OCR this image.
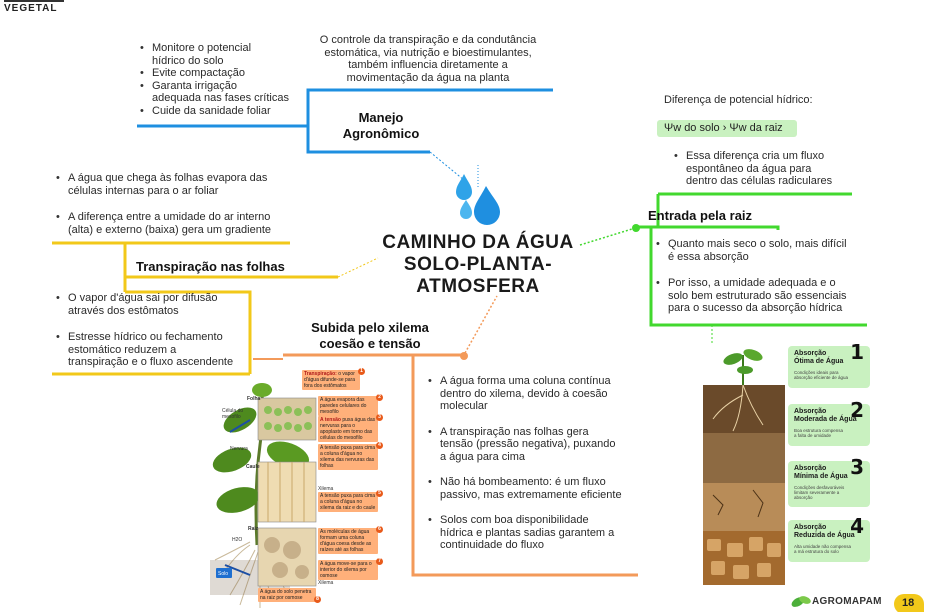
VEGETAL
CAMINHO DA ÁGUA
SOLO-PLANTA-
ATMOSFERA
• Monitore o potencial
hídrico do solo
• Evite compactação
• Garanta irrigação
adequada nas fases críticas
• Cuide da sanidade foliar
O controle da transpiração e da condutância
estomática, via nutrição e bioestimulantes,
também influencia diretamente a
movimentação da água na planta
Manejo
Agronômico
• A água que chega às folhas evapora das
células internas para o ar foliar
• A diferença entre a umidade do ar interno
(alta) e externo (baixa) gera um gradiente
Transpiração nas folhas
• O vapor d'água sai por difusão
através dos estômatos
• Estresse hídrico ou fechamento
estomático reduzem a
transpiração e o fluxo ascendente
Diferença de potencial hídrico:
Ψw do solo › Ψw da raiz
• Essa diferença cria um fluxo
espontâneo da água para
dentro das células radiculares
Entrada pela raiz
• Quanto mais seco o solo, mais difícil
é essa absorção
• Por isso, a umidade adequada e o
solo bem estruturado são essenciais
para o sucesso da absorção hídrica
Subida pelo xilema
coesão e tensão
• A água forma uma coluna contínua
dentro do xilema, devido à coesão
molecular
• A transpiração nas folhas gera
tensão (pressão negativa), puxando
a água para cima
• Não há bombeamento: é um fluxo
passivo, mas extremamente eficiente
• Solos com boa disponibilidade
hídrica e plantas sadias garantem a
continuidade do fluxo
Folha
Célula do
mesofilo
Nervura
Caule
Xilema
Raiz
H2O
Xilema
Solo
Transpiração: o vapor d'água difunde-se para fora dos estômatos
1
A água evapora das paredes celulares do mesofilo
2
A tensão puxa água das nervuras para o apoplasto em torno das células do mesofilo
3
A tensão puxa para cima a coluna d'água no xilema das nervuras das folhas
4
A tensão puxa para cima a coluna d'água no xilema da raiz e do caule
5
As moléculas de água formam uma coluna d'água coesa desde as raízes até as folhas
6
A água move-se para o interior do xilema por osmose
7
A água do solo penetra na raiz por osmose	8
1
Absorção
Ótima de Água
Condições ideais para
absorção eficiente de água
2
Absorção
Moderada de Água
Boa estrutura compensa
a falta de umidade
3
Absorção
Mínima de Água
Condições desfavoráveis
limitam severamente a
absorção
4
Absorção
Reduzida de Água
Alta umidade não compensa
a má estrutura do solo
AGROMAPAM 18
